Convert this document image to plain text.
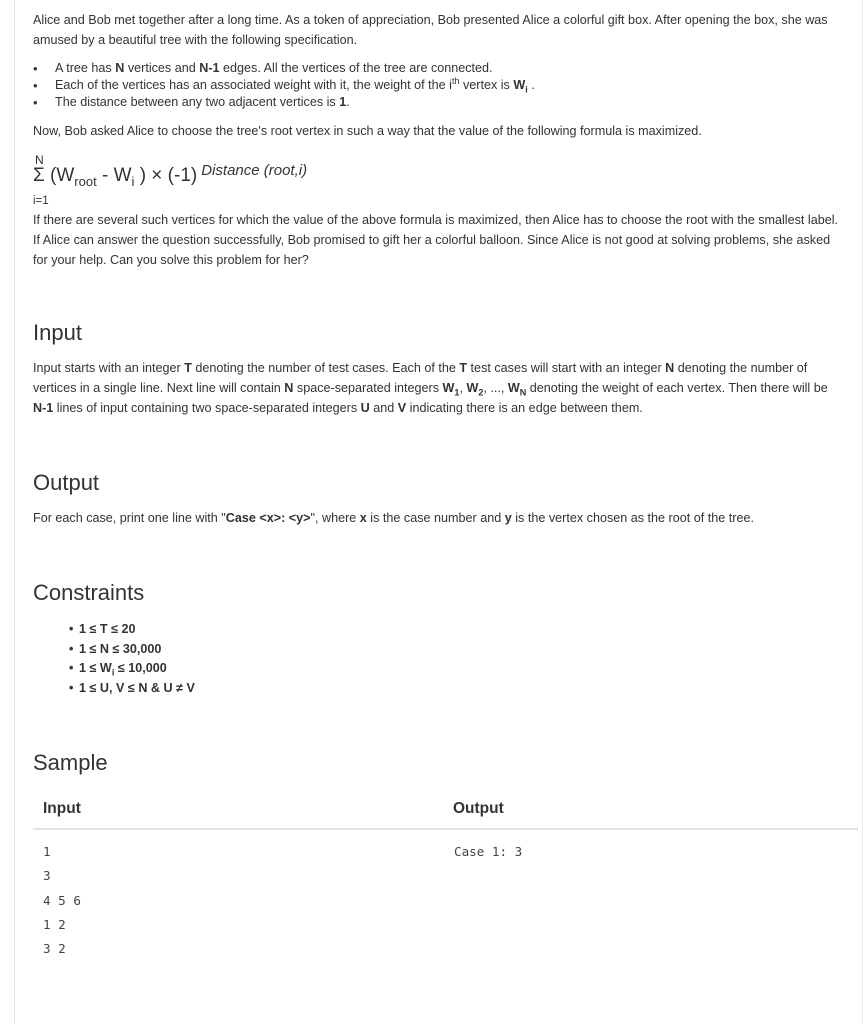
Alice and Bob met together after a long time. As a token of appreciation, Bob presented Alice a colorful gift box. After opening the box, she was amused by a beautiful tree with the following specification.

• A tree has N vertices and N-1 edges. All the vertices of the tree are connected.
• Each of the vertices has an associated weight with it, the weight of the $i^{th}$ vertex is $W_i$ .
• The distance between any two adjacent vertices is 1.

Now, Bob asked Alice to choose the tree's root vertex in such a way that the value of the following formula is maximized.

N
Σ ($W_{root} - W_i$ ) × (-1) $^{Distance (root,i)}$
i=1

If there are several such vertices for which the value of the above formula is maximized, then Alice has to choose the root with the smallest label. If Alice can answer the question successfully, Bob promised to gift her a colorful balloon. Since Alice is not good at solving problems, she asked for your help. Can you solve this problem for her?

Input

Input starts with an integer T denoting the number of test cases. Each of the T test cases will start with an integer N denoting the number of vertices in a single line. Next line will contain N space-separated integers $W_1$, $W_2$, ..., $W_N$ denoting the weight of each vertex. Then there will be N-1 lines of input containing two space-separated integers U and V indicating there is an edge between them.

Output

For each case, print one line with "Case <x>: <y>", where x is the case number and y is the vertex chosen as the root of the tree.

Constraints
• 1 ≤ T ≤ 20
• 1 ≤ N ≤ 30,000
• $1 \le W_i \le 10,000$
• 1 ≤ U, V ≤ N & U ≠ V
Sample
Input	Output
1
3
4 5 6
1 2
3 2
Case 1: 3
